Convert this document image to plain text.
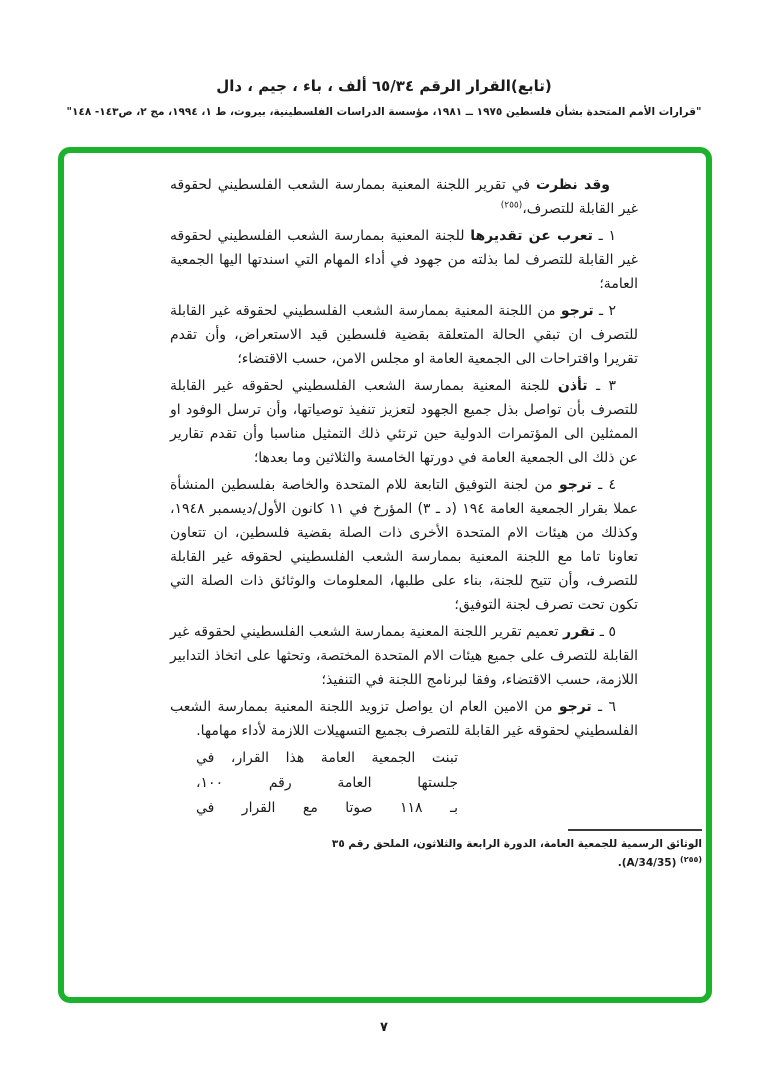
(تابع)القرار الرقم ٦٥/٣٤ ألف ، باء ، جيم ، دال
"قرارات الأمم المتحدة بشأن فلسطين ١٩٧٥ ــ ١٩٨١، مؤسسة الدراسات الفلسطينية، بيروت، ط ١، ١٩٩٤، مج ٢، ص١٤٣- ١٤٨"

وقد نظرت في تقرير اللجنة المعنية بممارسة الشعب الفلسطيني لحقوقه غير القابلة للتصرف،$^{(٢٥٥)}$

١ ـ تعرب عن تقديرها للجنة المعنية بممارسة الشعب الفلسطيني لحقوقه غير القابلة للتصرف لما بذلته من جهود في أداء المهام التي اسندتها اليها الجمعية العامة؛

٢ ـ ترجو من اللجنة المعنية بممارسة الشعب الفلسطيني لحقوقه غير القابلة للتصرف ان تبقي الحالة المتعلقة بقضية فلسطين قيد الاستعراض، وأن تقدم تقريرا واقتراحات الى الجمعية العامة او مجلس الامن، حسب الاقتضاء؛

٣ ـ تأذن للجنة المعنية بممارسة الشعب الفلسطيني لحقوقه غير القابلة للتصرف بأن تواصل بذل جميع الجهود لتعزيز تنفيذ توصياتها، وأن ترسل الوفود او الممثلين الى المؤتمرات الدولية حين ترتئي ذلك التمثيل مناسبا وأن تقدم تقارير عن ذلك الى الجمعية العامة في دورتها الخامسة والثلاثين وما بعدها؛

٤ ـ ترجو من لجنة التوفيق التابعة للام المتحدة والخاصة بفلسطين المنشأة عملا بقرار الجمعية العامة ١٩٤ (د ـ ٣) المؤرخ في ١١ كانون الأول/ديسمبر ١٩٤٨، وكذلك من هيئات الام المتحدة الأخرى ذات الصلة بقضية فلسطين، ان تتعاون تعاونا تاما مع اللجنة المعنية بممارسة الشعب الفلسطيني لحقوقه غير القابلة للتصرف، وأن تتيح للجنة، بناء على طلبها، المعلومات والوثائق ذات الصلة التي تكون تحت تصرف لجنة التوفيق؛

٥ ـ تقرر تعميم تقرير اللجنة المعنية بممارسة الشعب الفلسطيني لحقوقه غير القابلة للتصرف على جميع هيئات الام المتحدة المختصة، وتحثها على اتخاذ التدابير اللازمة، حسب الاقتضاء، وفقا لبرنامج اللجنة في التنفيذ؛

٦ ـ ترجو من الامين العام ان يواصل تزويد اللجنة المعنية بممارسة الشعب الفلسطيني لحقوقه غير القابلة للتصرف بجميع التسهيلات اللازمة لأداء مهامها.

تبنت الجمعية العامة هذا القرار، في
جلستها العامة رقم ١٠٠،
بـ ١١٨ صوتا مع القرار في
الوثائق الرسمية للجمعية العامة، الدورة الرابعة والثلاثون، الملحق رقم ٣٥
$^{(٢٥٥)}$ (A/34/35).
٧
